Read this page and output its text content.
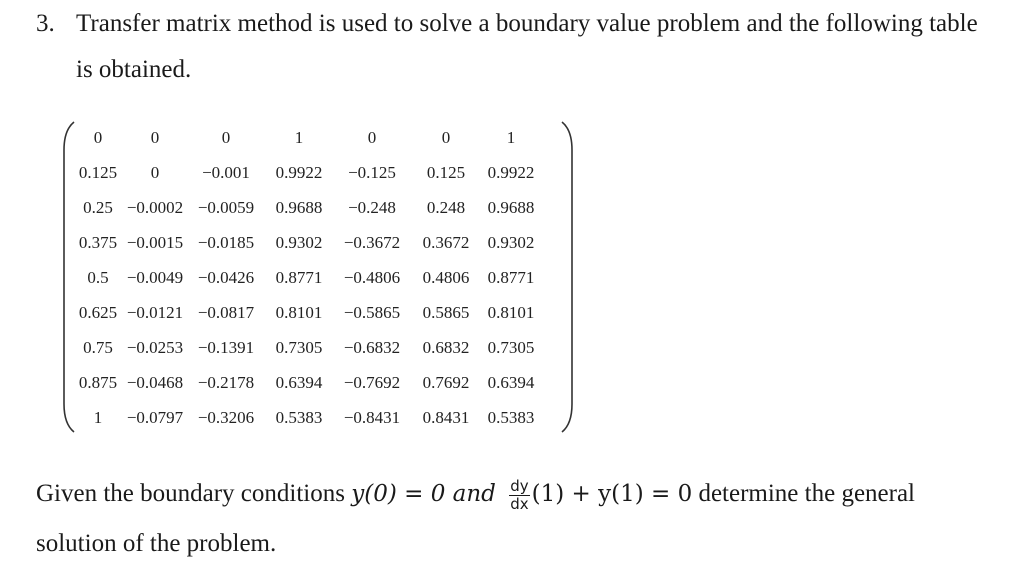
3. Transfer matrix method is used to solve a boundary value problem and the following table
is obtained.
0	0	0	1	0	0	1
0.125	0	−0.001	0.9922	−0.125	0.125	0.9922
0.25	−0.0002	−0.0059	0.9688	−0.248	0.248	0.9688
0.375	−0.0015	−0.0185	0.9302	−0.3672	0.3672	0.9302
0.5	−0.0049	−0.0426	0.8771	−0.4806	0.4806	0.8771
0.625	−0.0121	−0.0817	0.8101	−0.5865	0.5865	0.8101
0.75	−0.0253	−0.1391	0.7305	−0.6832	0.6832	0.7305
0.875	−0.0468	−0.2178	0.6394	−0.7692	0.7692	0.6394
1	−0.0797	−0.3206	0.5383	−0.8431	0.8431	0.5383
Given the boundary conditions y(0) = 0 and $\frac{dy}{dx} (1) + y(1) = 0$ determine the general
solution of the problem.
